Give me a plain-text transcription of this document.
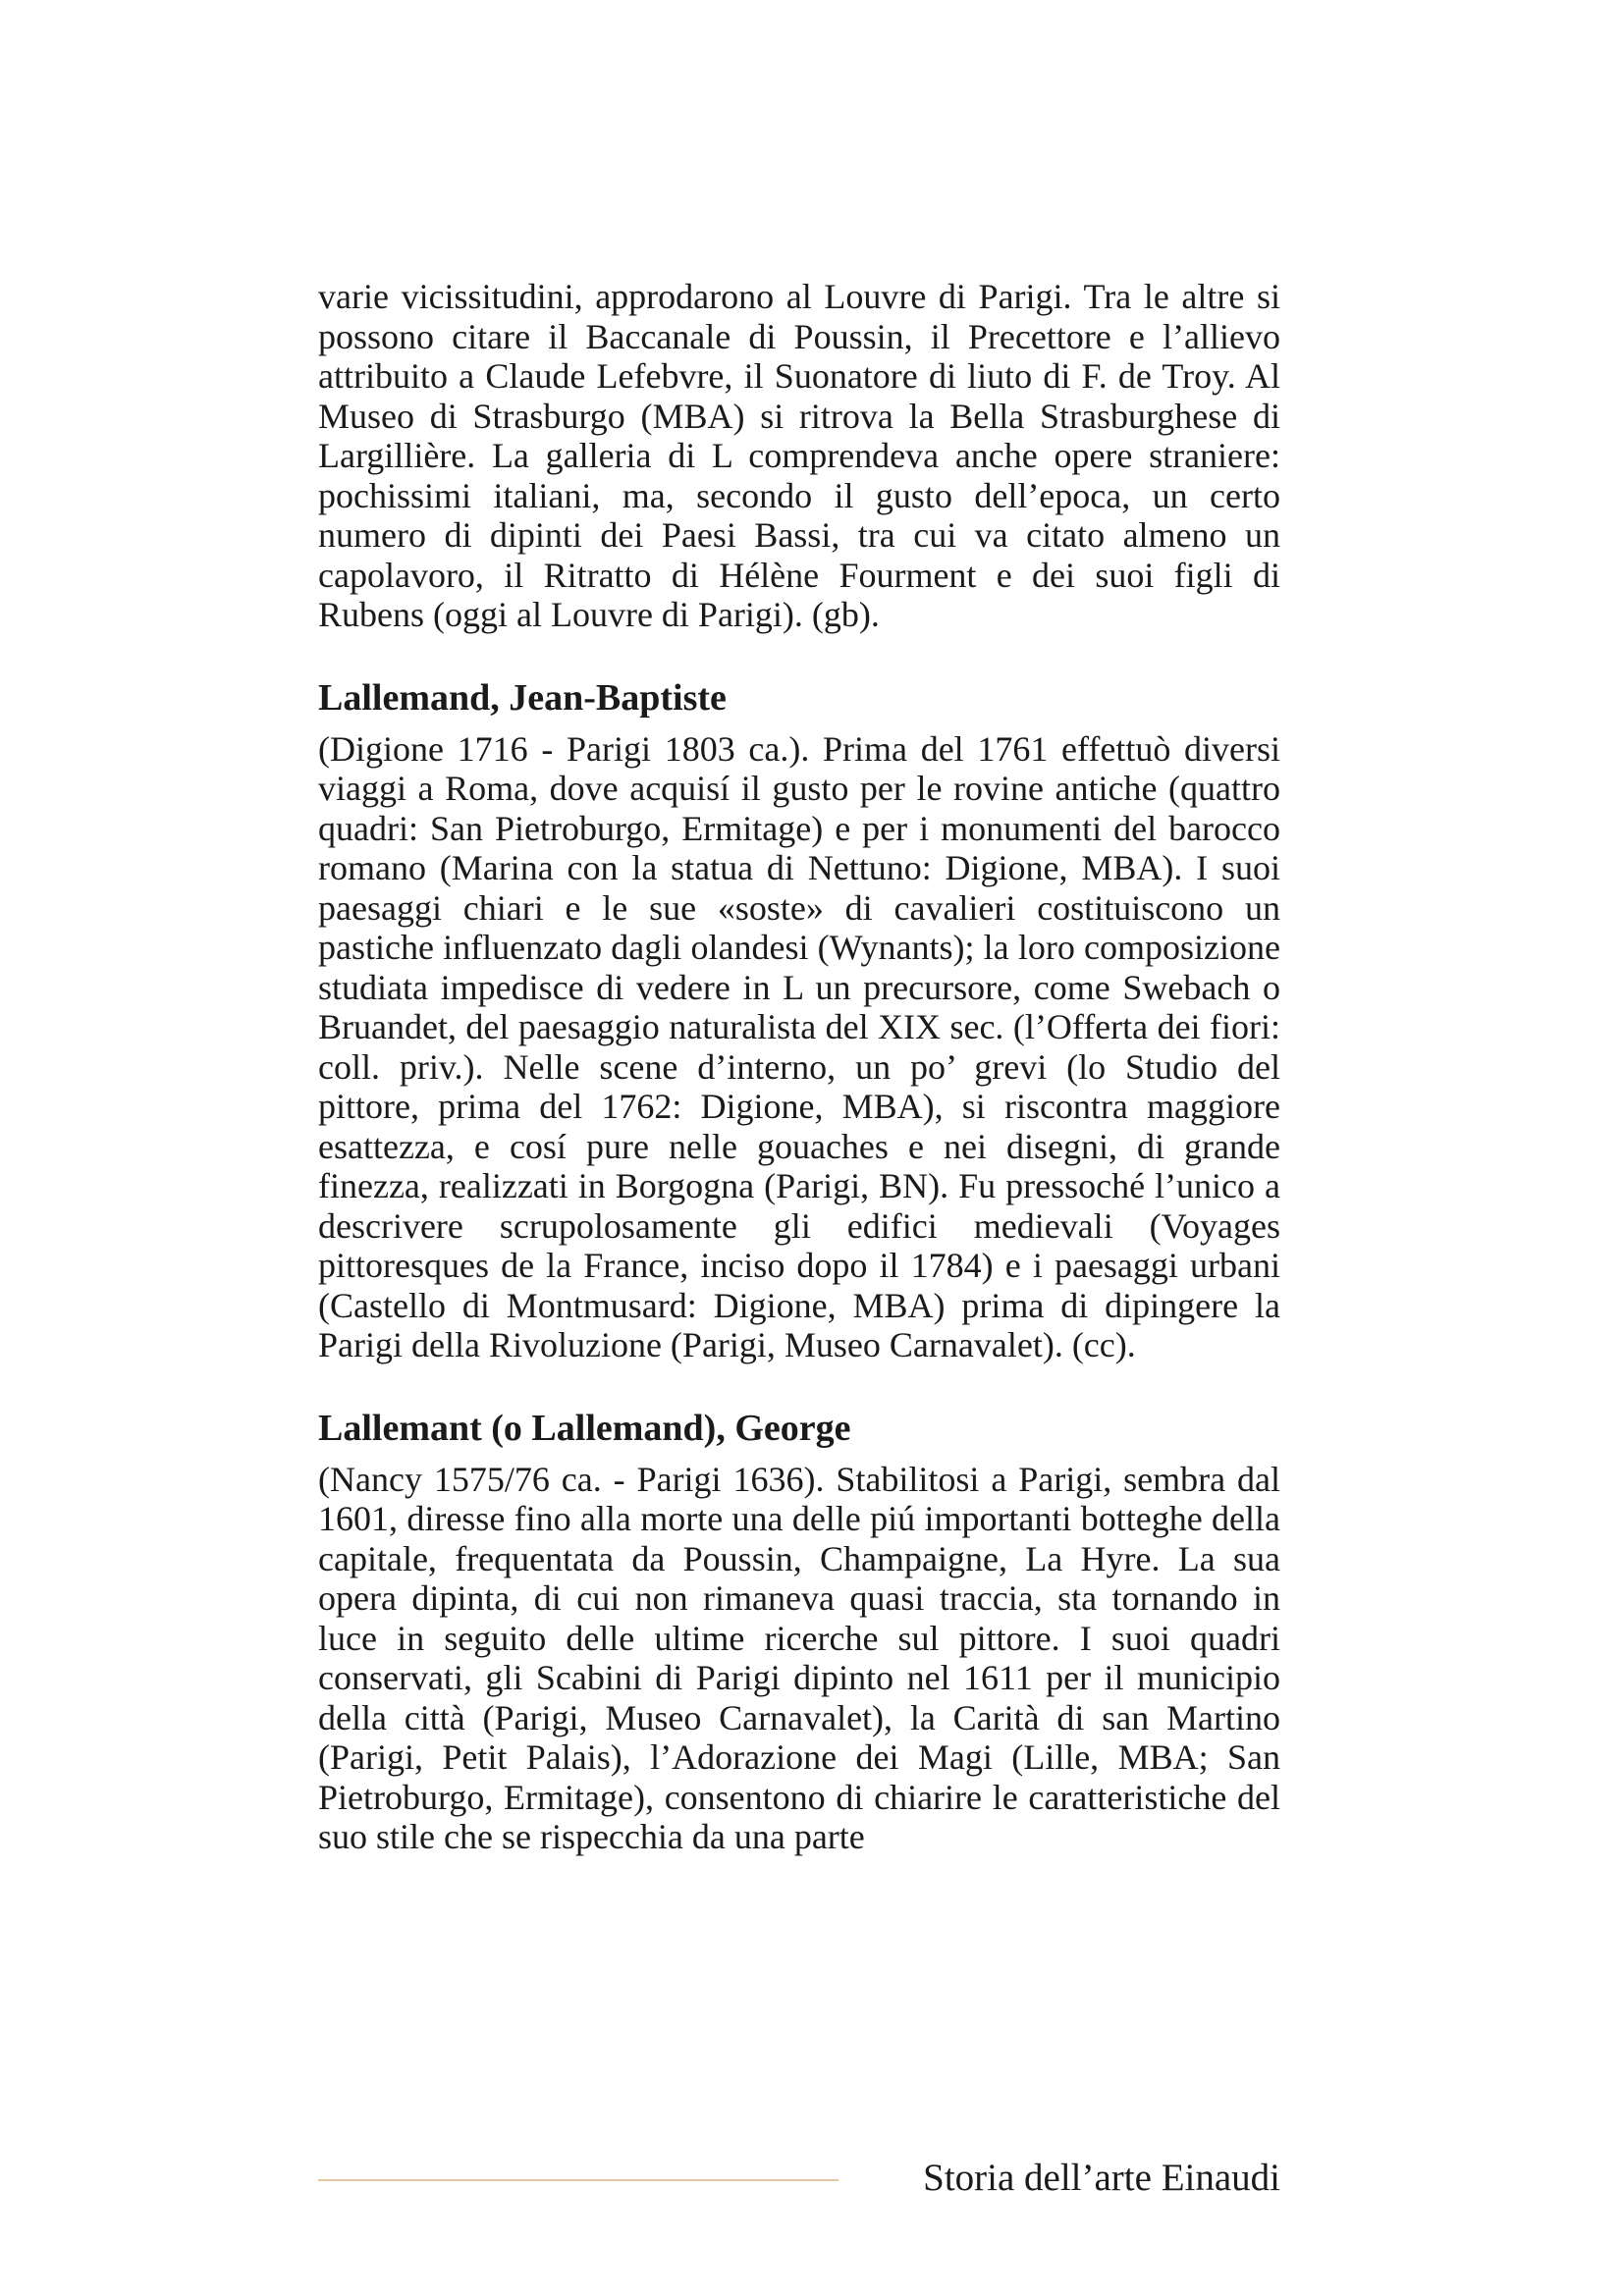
varie vicissitudini, approdarono al Louvre di Parigi. Tra le altre si possono citare il Baccanale di Poussin, il Precettore e l’allievo attribuito a Claude Lefebvre, il Suonatore di liuto di F. de Troy. Al Museo di Strasburgo (MBA) si ritrova la Bella Strasburghese di Largillière. La galleria di L comprendeva anche opere straniere: pochissimi italiani, ma, secondo il gusto dell’epoca, un certo numero di dipinti dei Paesi Bassi, tra cui va citato almeno un capolavoro, il Ritratto di Hélène Fourment e dei suoi figli di Rubens (oggi al Louvre di Parigi). (gb).

Lallemand, Jean-Baptiste

(Digione 1716 - Parigi 1803 ca.). Prima del 1761 effettuò diversi viaggi a Roma, dove acquisí il gusto per le rovine antiche (quattro quadri: San Pietroburgo, Ermitage) e per i monumenti del barocco romano (Marina con la statua di Nettuno: Digione, MBA). I suoi paesaggi chiari e le sue «soste» di cavalieri costituiscono un pastiche influenzato dagli olandesi (Wynants); la loro composizione studiata impedisce di vedere in L un precursore, come Swebach o Bruandet, del paesaggio naturalista del XIX sec. (l’Offerta dei fiori: coll. priv.). Nelle scene d’interno, un po’ grevi (lo Studio del pittore, prima del 1762: Digione, MBA), si riscontra maggiore esattezza, e cosí pure nelle gouaches e nei disegni, di grande finezza, realizzati in Borgogna (Parigi, BN). Fu pressoché l’unico a descrivere scrupolosamente gli edifici medievali (Voyages pittoresques de la France, inciso dopo il 1784) e i paesaggi urbani (Castello di Montmusard: Digione, MBA) prima di dipingere la Parigi della Rivoluzione (Parigi, Museo Carnavalet). (cc).

Lallemant (o Lallemand), George

(Nancy 1575/76 ca. - Parigi 1636). Stabilitosi a Parigi, sembra dal 1601, diresse fino alla morte una delle piú importanti botteghe della capitale, frequentata da Poussin, Champaigne, La Hyre. La sua opera dipinta, di cui non rimaneva quasi traccia, sta tornando in luce in seguito delle ultime ricerche sul pittore. I suoi quadri conservati, gli Scabini di Parigi dipinto nel 1611 per il municipio della città (Parigi, Museo Carnavalet), la Carità di san Martino (Parigi, Petit Palais), l’Adorazione dei Magi (Lille, MBA; San Pietroburgo, Ermitage), consentono di chiarire le caratteristiche del suo stile che se rispecchia da una parte

Storia dell’arte Einaudi
